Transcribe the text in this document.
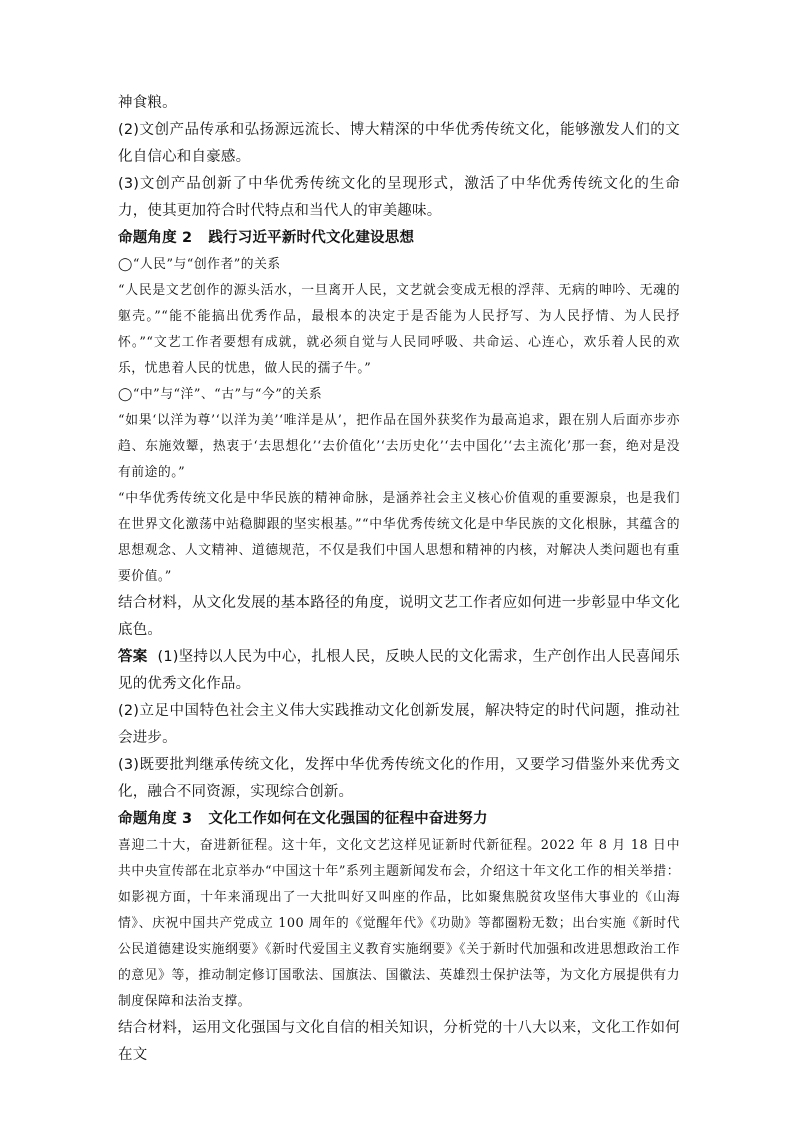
神食粮。

(2)文创产品传承和弘扬源远流长、博大精深的中华优秀传统文化，能够激发人们的文化自信心和自豪感。

(3)文创产品创新了中华优秀传统文化的呈现形式，激活了中华优秀传统文化的生命力，使其更加符合时代特点和当代人的审美趣味。

命题角度 2 践行习近平新时代文化建设思想

◯“人民”与“创作者”的关系

“人民是文艺创作的源头活水，一旦离开人民，文艺就会变成无根的浮萍、无病的呻吟、无魂的躯壳。”“能不能搞出优秀作品，最根本的决定于是否能为人民抒写、为人民抒情、为人民抒怀。”“文艺工作者要想有成就，就必须自觉与人民同呼吸、共命运、心连心，欢乐着人民的欢乐，忧患着人民的忧患，做人民的孺子牛。”

◯“中”与“洋”、“古”与“今”的关系

“如果‘以洋为尊’‘以洋为美’‘唯洋是从’，把作品在国外获奖作为最高追求，跟在别人后面亦步亦趋、东施效颦，热衷于‘去思想化’‘去价值化’‘去历史化’‘去中国化’‘去主流化’那一套，绝对是没有前途的。”

“中华优秀传统文化是中华民族的精神命脉，是涵养社会主义核心价值观的重要源泉，也是我们在世界文化激荡中站稳脚跟的坚实根基。”“中华优秀传统文化是中华民族的文化根脉，其蕴含的思想观念、人文精神、道德规范，不仅是我们中国人思想和精神的内核，对解决人类问题也有重要价值。”

结合材料，从文化发展的基本路径的角度，说明文艺工作者应如何进一步彰显中华文化底色。

答案 (1)坚持以人民为中心，扎根人民，反映人民的文化需求，生产创作出人民喜闻乐见的优秀文化作品。

(2)立足中国特色社会主义伟大实践推动文化创新发展，解决特定的时代问题，推动社会进步。

(3)既要批判继承传统文化，发挥中华优秀传统文化的作用，又要学习借鉴外来优秀文化，融合不同资源，实现综合创新。

命题角度 3 文化工作如何在文化强国的征程中奋进努力

喜迎二十大，奋进新征程。这十年，文化文艺这样见证新时代新征程。2022 年 8 月 18 日中共中央宣传部在北京举办“中国这十年”系列主题新闻发布会，介绍这十年文化工作的相关举措：如影视方面，十年来涌现出了一大批叫好又叫座的作品，比如聚焦脱贫攻坚伟大事业的《山海情》、庆祝中国共产党成立 100 周年的《觉醒年代》《功勋》等都圈粉无数；出台实施《新时代公民道德建设实施纲要》《新时代爱国主义教育实施纲要》《关于新时代加强和改进思想政治工作的意见》等，推动制定修订国歌法、国旗法、国徽法、英雄烈士保护法等，为文化方展提供有力制度保障和法治支撑。

结合材料，运用文化强国与文化自信的相关知识，分析党的十八大以来，文化工作如何在文
